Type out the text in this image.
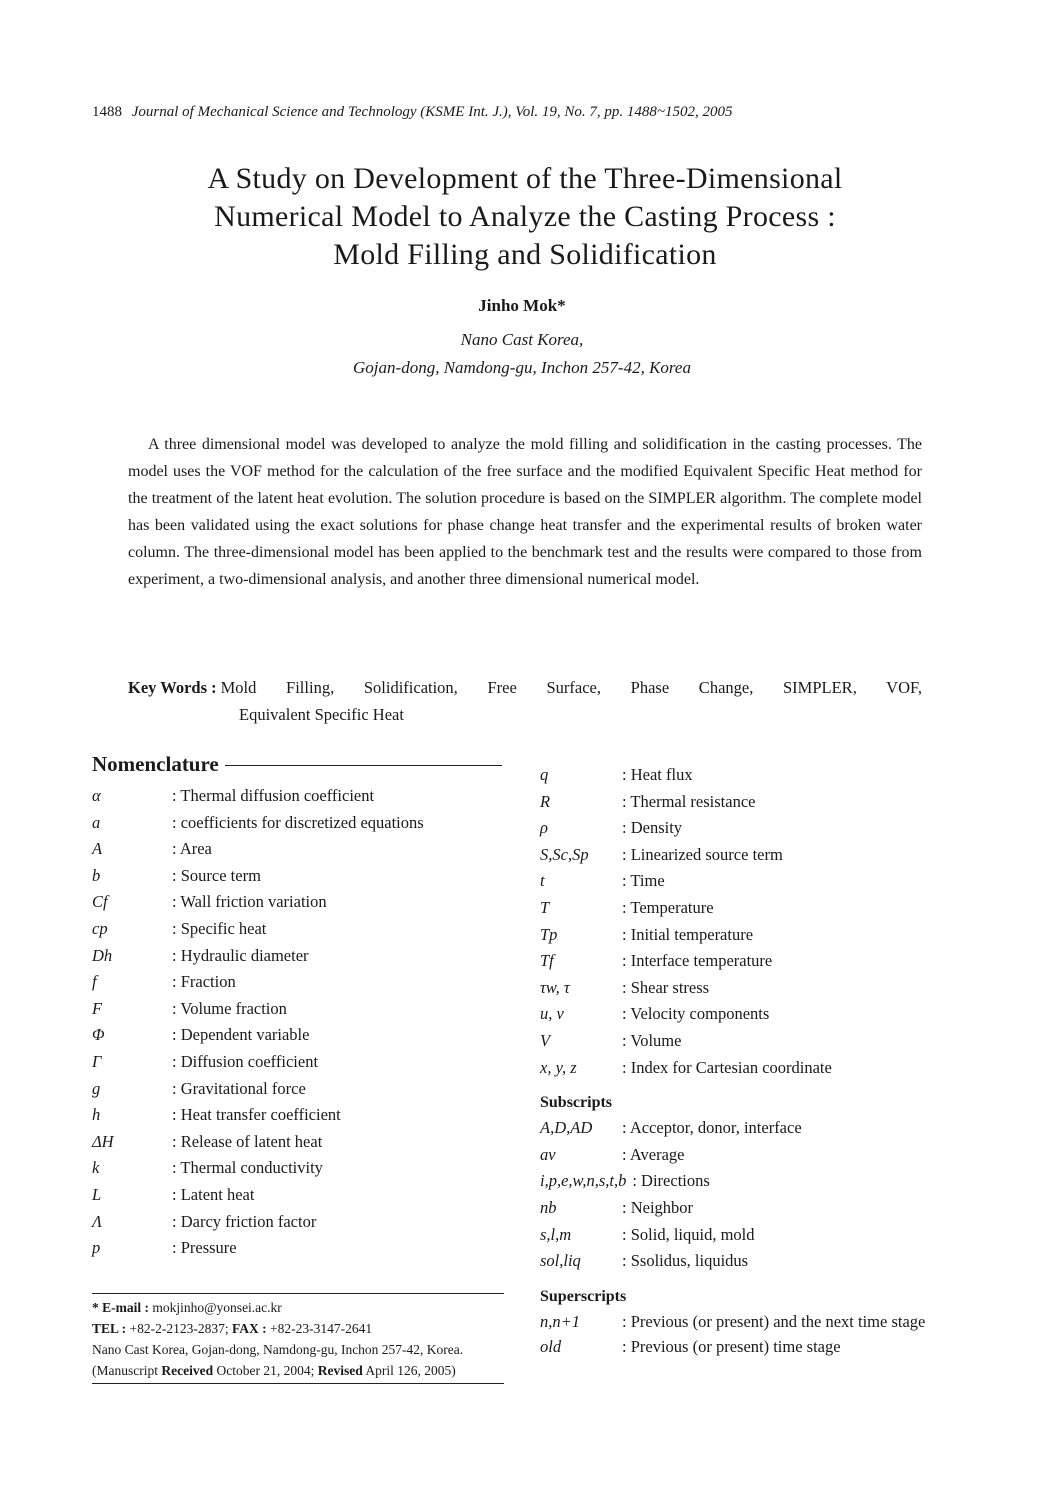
1488 Journal of Mechanical Science and Technology (KSME Int. J.), Vol. 19, No. 7, pp. 1488~1502, 2005
A Study on Development of the Three-Dimensional
Numerical Model to Analyze the Casting Process :
Mold Filling and Solidification
Jinho Mok*
Nano Cast Korea,
Gojan-dong, Namdong-gu, Inchon 257-42, Korea
A three dimensional model was developed to analyze the mold filling and solidification in the casting processes. The model uses the VOF method for the calculation of the free surface and the modified Equivalent Specific Heat method for the treatment of the latent heat evolution. The solution procedure is based on the SIMPLER algorithm. The complete model has been validated using the exact solutions for phase change heat transfer and the experimental results of broken water column. The three-dimensional model has been applied to the benchmark test and the results were compared to those from experiment, a two-dimensional analysis, and another three dimensional numerical model.
Key Words : Mold Filling, Solidification, Free Surface, Phase Change, SIMPLER, VOF,
Equivalent Specific Heat
Nomenclature
α	: Thermal diffusion coefficient
a	: coefficients for discretized equations
A	: Area
b	: Source term
Cf	: Wall friction variation
cp	: Specific heat
Dh	: Hydraulic diameter
f	: Fraction
F	: Volume fraction
Φ	: Dependent variable
Γ	: Diffusion coefficient
g	: Gravitational force
h	: Heat transfer coefficient
ΔH	: Release of latent heat
k	: Thermal conductivity
L	: Latent heat
Λ	: Darcy friction factor
p	: Pressure
q	: Heat flux
R	: Thermal resistance
ρ	: Density
S,Sc,Sp	: Linearized source term
t	: Time
T	: Temperature
Tp	: Initial temperature
Tf	: Interface temperature
τw, τ	: Shear stress
u, v	: Velocity components
V	: Volume
x, y, z	: Index for Cartesian coordinate
Subscripts
A,D,AD	: Acceptor, donor, interface
av	: Average
i,p,e,w,n,s,t,b : Directions
nb	: Neighbor
s,l,m	: Solid, liquid, mold
sol,liq	: Ssolidus, liquidus
Superscripts
n,n+1	: Previous (or present) and the next time stage
old	: Previous (or present) time stage
* E-mail : mokjinho@yonsei.ac.kr
TEL : +82-2-2123-2837; FAX : +82-23-3147-2641
Nano Cast Korea, Gojan-dong, Namdong-gu, Inchon 257-42, Korea. (Manuscript Received October 21, 2004; Revised April 126, 2005)
